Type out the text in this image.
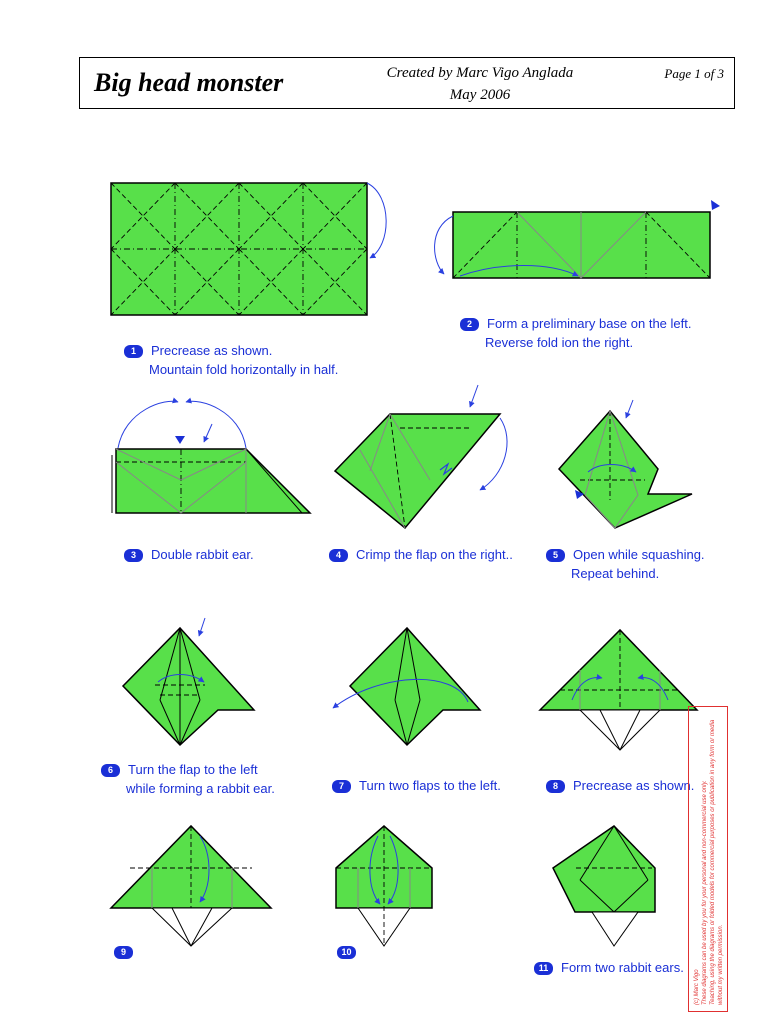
Big head monster	Created by Marc Vigo Anglada
May 2006
Page 1 of 3
1 Precrease as shown.
Mountain fold horizontally in half.
2 Form a preliminary base on the left.
Reverse fold ion the right.
3 Double rabbit ear.	4 Crimp the flap on the right..	5 Open while squashing.
Repeat behind.
6 Turn the flap to the left
while forming a rabbit ear.	7 Turn two flaps to the left.	8 Precrease as shown.
9	10
11 Form two rabbit ears.
(c) Marc Vigo These diagrams can be used by you for your personal and non-commercial use only. Teaching, using the diagrams or folded models for commercial purposes or publication in any form or media without my written permission.
